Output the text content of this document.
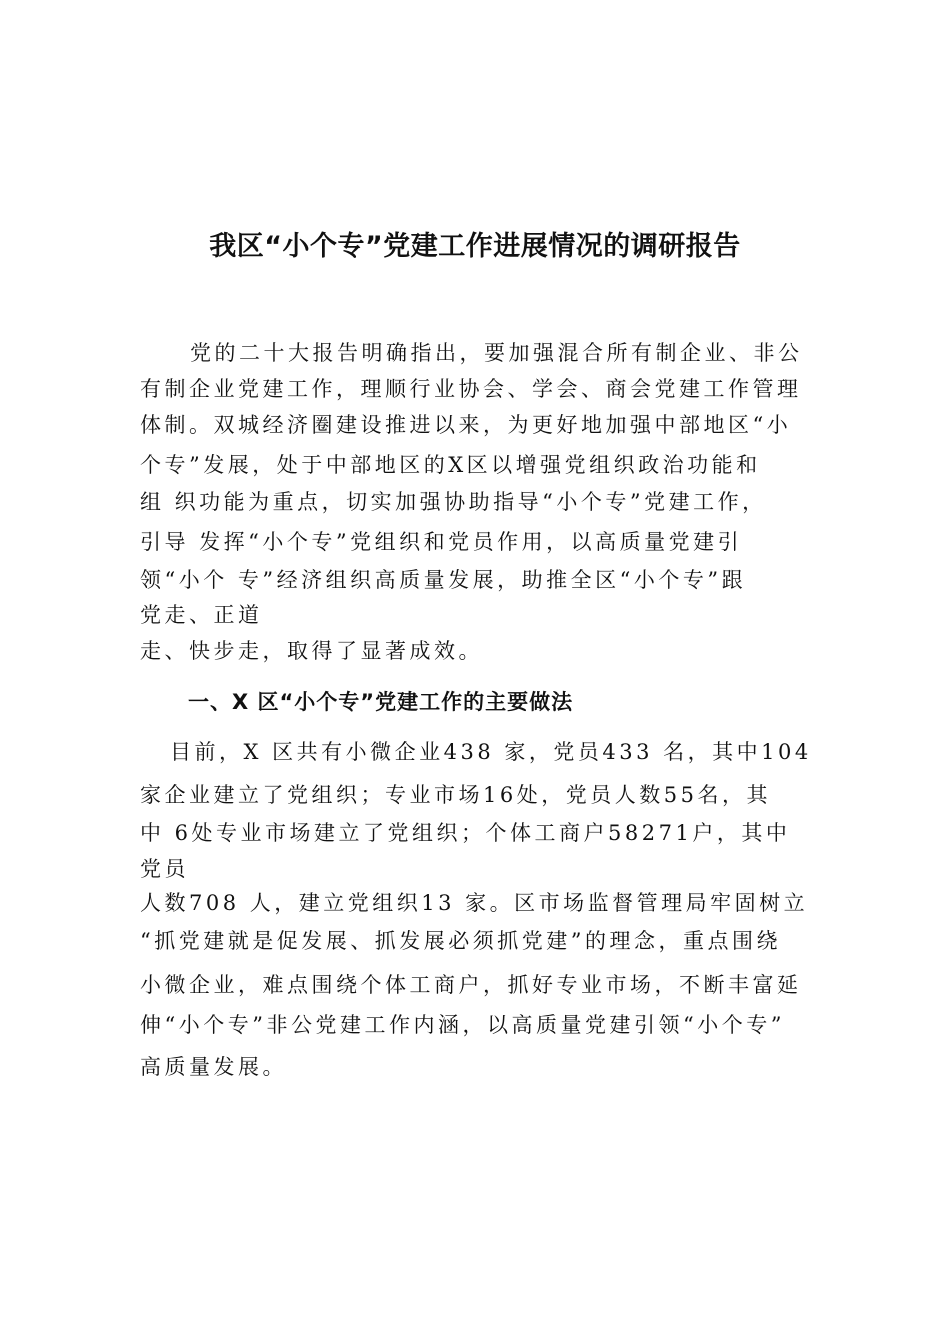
我区“小个专”党建工作进展情况的调研报告
党的二十大报告明确指出，要加强混合所有制企业、非公
有制企业党建工作，理顺行业协会、学会、商会党建工作管理
体制。双城经济圈建设推进以来，为更好地加强中部地区“小
个专”发展，处于中部地区的X区以增强党组织政治功能和
组 织功能为重点，切实加强协助指导“小个专”党建工作，
引导 发挥“小个专”党组织和党员作用，以高质量党建引
领“小个 专”经济组织高质量发展，助推全区“小个专”跟
党走、正道
走、快步走，取得了显著成效。
一、X 区“小个专”党建工作的主要做法
目前，X 区共有小微企业438 家，党员433 名，其中104
家企业建立了党组织；专业市场16处，党员人数55名，其
中 6处专业市场建立了党组织；个体工商户58271户，其中
党员
人数708 人，建立党组织13 家。区市场监督管理局牢固树立
“抓党建就是促发展、抓发展必须抓党建”的理念，重点围绕
小微企业，难点围绕个体工商户，抓好专业市场，不断丰富延
伸“小个专”非公党建工作内涵，以高质量党建引领“小个专”
高质量发展。
